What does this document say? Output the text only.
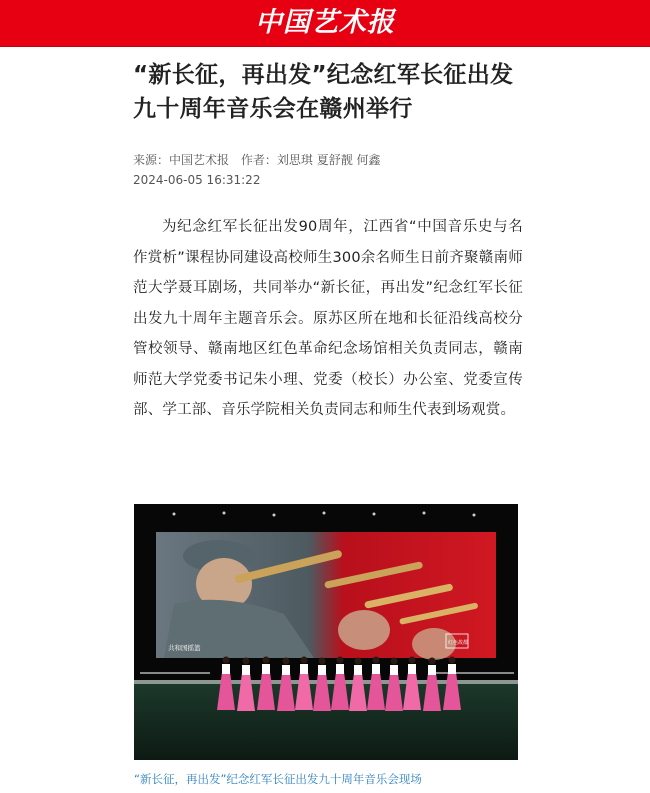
中国艺术报
“新长征，再出发”纪念红军长征出发九十周年音乐会在赣州举行
来源：中国艺术报 作者：刘思琪 夏舒靓 何鑫
2024-06-05 16:31:22

为纪念红军长征出发90周年，江西省“中国音乐史与名作赏析”课程协同建设高校师生300余名师生日前齐聚赣南师范大学聂耳剧场，共同举办“新长征，再出发”纪念红军长征出发九十周年主题音乐会。原苏区所在地和长征沿线高校分管校领导、赣南地区红色革命纪念场馆相关负责同志，赣南师范大学党委书记朱小理、党委（校长）办公室、党委宣传部、学工部、音乐学院相关负责同志和师生代表到场观赏。

共和国摇篮
红色故都
“新长征，再出发”纪念红军长征出发九十周年音乐会现场
